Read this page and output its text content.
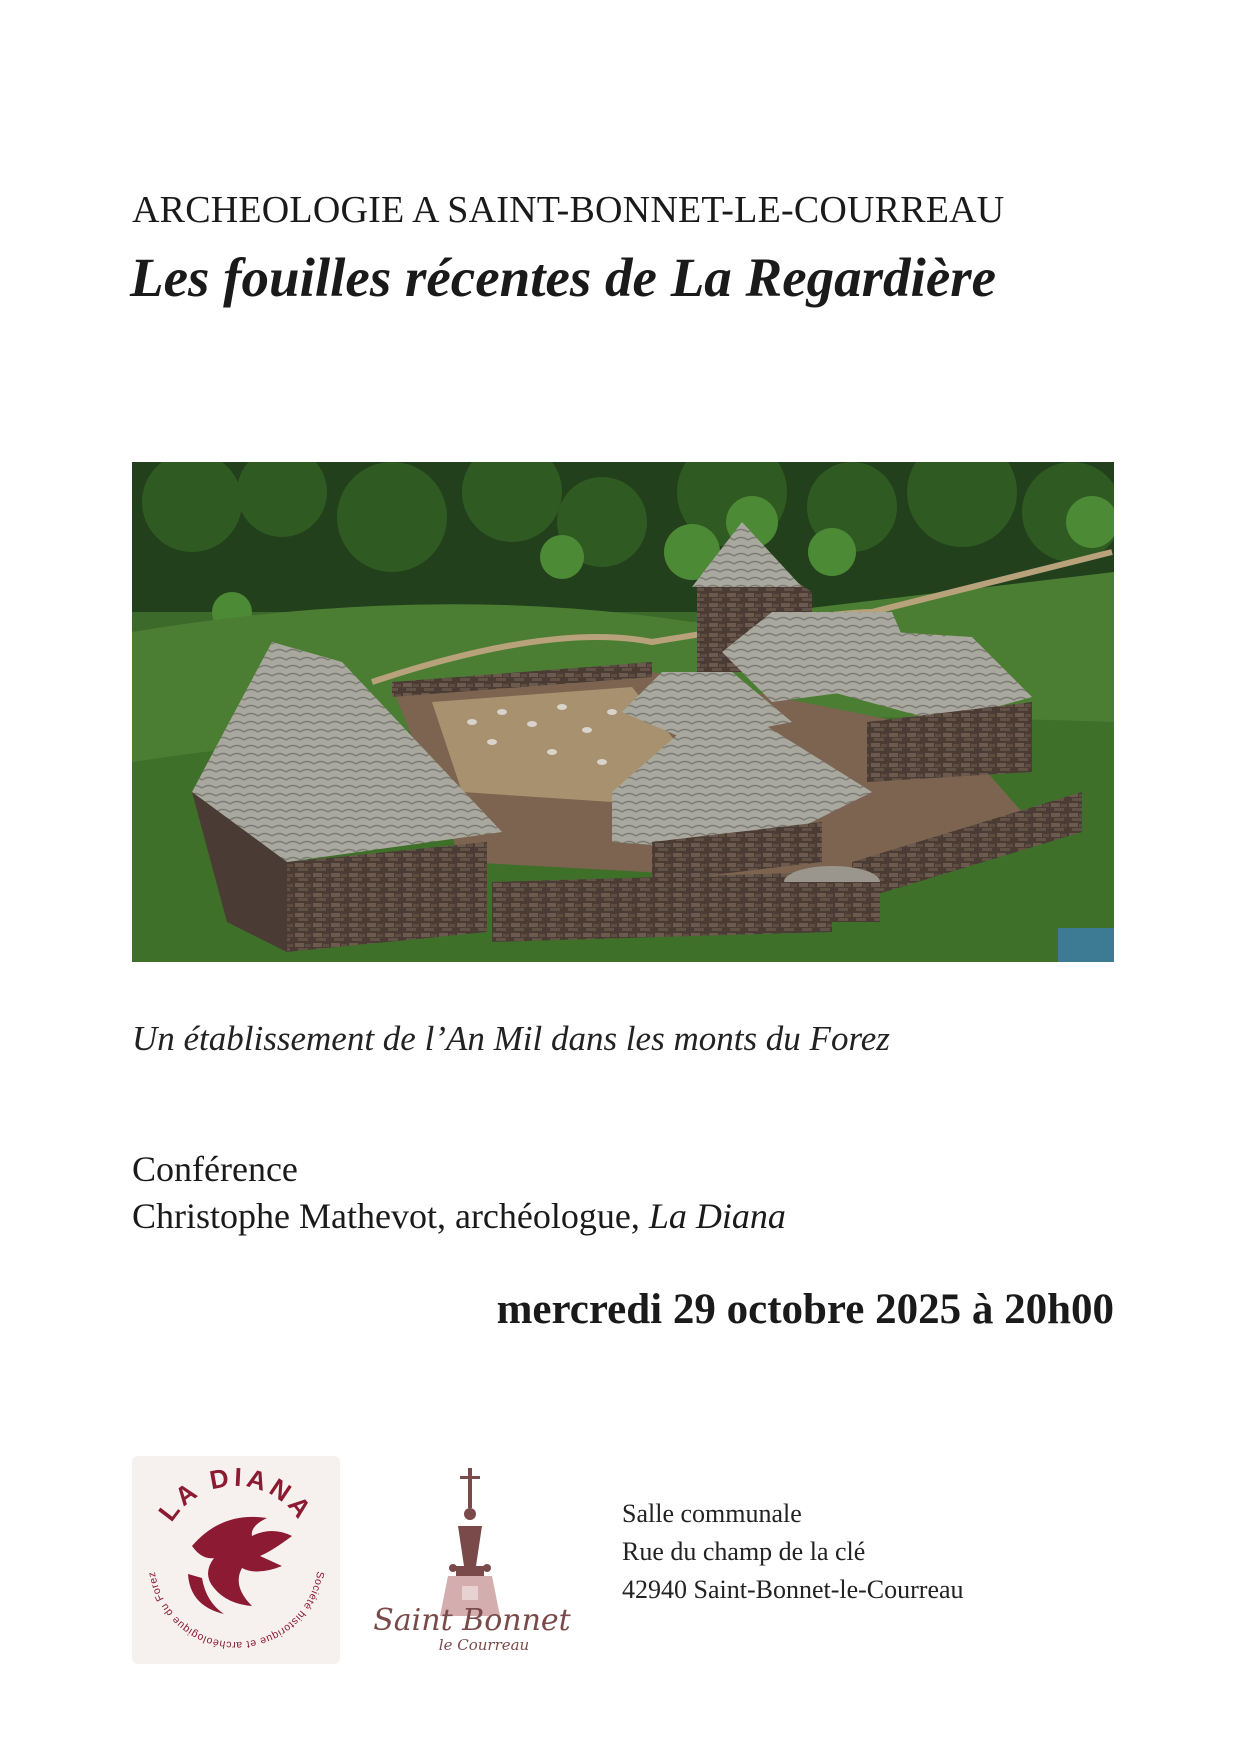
ARCHEOLOGIE A SAINT-BONNET-LE-COURREAU
Les fouilles récentes de La Regardière
Un établissement de l’An Mil dans les monts du Forez
Conférence
Christophe Mathevot, archéologue, La Diana
mercredi 29 octobre 2025 à 20h00
LA DIANA
Société historique et archéologique du Forez
Saint Bonnet
le Courreau
Salle communale
Rue du champ de la clé
42940 Saint-Bonnet-le-Courreau
